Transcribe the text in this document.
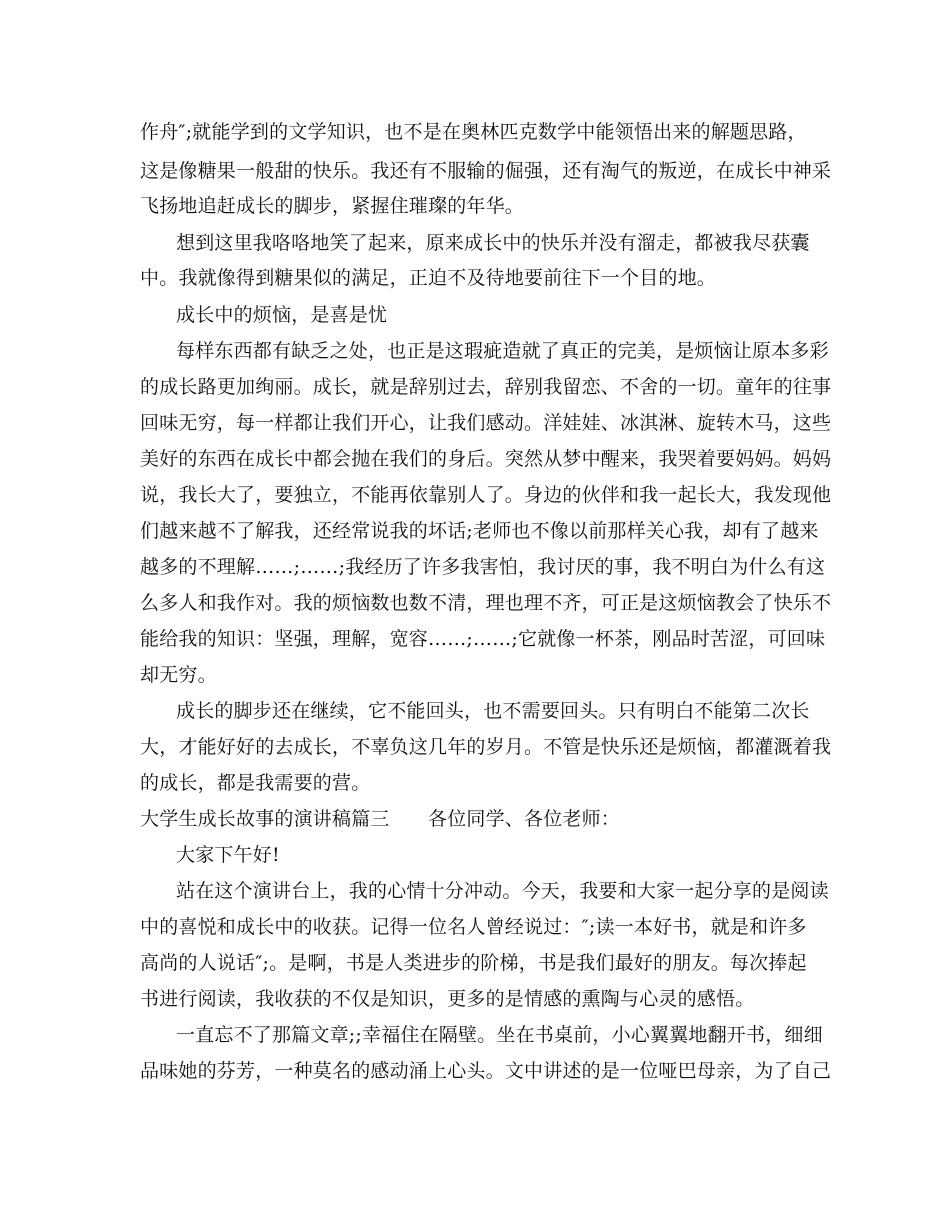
作舟″;就能学到的文学知识，也不是在奥林匹克数学中能领悟出来的解题思路，
这是像糖果一般甜的快乐。我还有不服输的倔强，还有淘气的叛逆，在成长中神采
飞扬地追赶成长的脚步，紧握住璀璨的年华。
想到这里我咯咯地笑了起来，原来成长中的快乐并没有溜走，都被我尽获囊
中。我就像得到糖果似的满足，正迫不及待地要前往下一个目的地。
成长中的烦恼，是喜是忧
每样东西都有缺乏之处，也正是这瑕疵造就了真正的完美，是烦恼让原本多彩
的成长路更加绚丽。成长，就是辞别过去，辞别我留恋、不舍的一切。童年的往事
回味无穷，每一样都让我们开心，让我们感动。洋娃娃、冰淇淋、旋转木马，这些
美好的东西在成长中都会抛在我们的身后。突然从梦中醒来，我哭着要妈妈。妈妈
说，我长大了，要独立，不能再依靠别人了。身边的伙伴和我一起长大，我发现他
们越来越不了解我，还经常说我的坏话;老师也不像以前那样关心我，却有了越来
越多的不理解……;……;我经历了许多我害怕，我讨厌的事，我不明白为什么有这
么多人和我作对。我的烦恼数也数不清，理也理不齐，可正是这烦恼教会了快乐不
能给我的知识：坚强，理解，宽容……;……;它就像一杯茶，刚品时苦涩，可回味
却无穷。
成长的脚步还在继续，它不能回头，也不需要回头。只有明白不能第二次长
大，才能好好的去成长，不辜负这几年的岁月。不管是快乐还是烦恼，都灌溉着我
的成长，都是我需要的营。
大学生成长故事的演讲稿篇三　　各位同学、各位老师：
大家下午好!
站在这个演讲台上，我的心情十分冲动。今天，我要和大家一起分享的是阅读
中的喜悦和成长中的收获。记得一位名人曾经说过：″;读一本好书，就是和许多
高尚的人说话″;。是啊，书是人类进步的阶梯，书是我们最好的朋友。每次捧起
书进行阅读，我收获的不仅是知识，更多的是情感的熏陶与心灵的感悟。
一直忘不了那篇文章;;幸福住在隔壁。坐在书桌前，小心翼翼地翻开书，细细
品味她的芬芳，一种莫名的感动涌上心头。文中讲述的是一位哑巴母亲，为了自己
